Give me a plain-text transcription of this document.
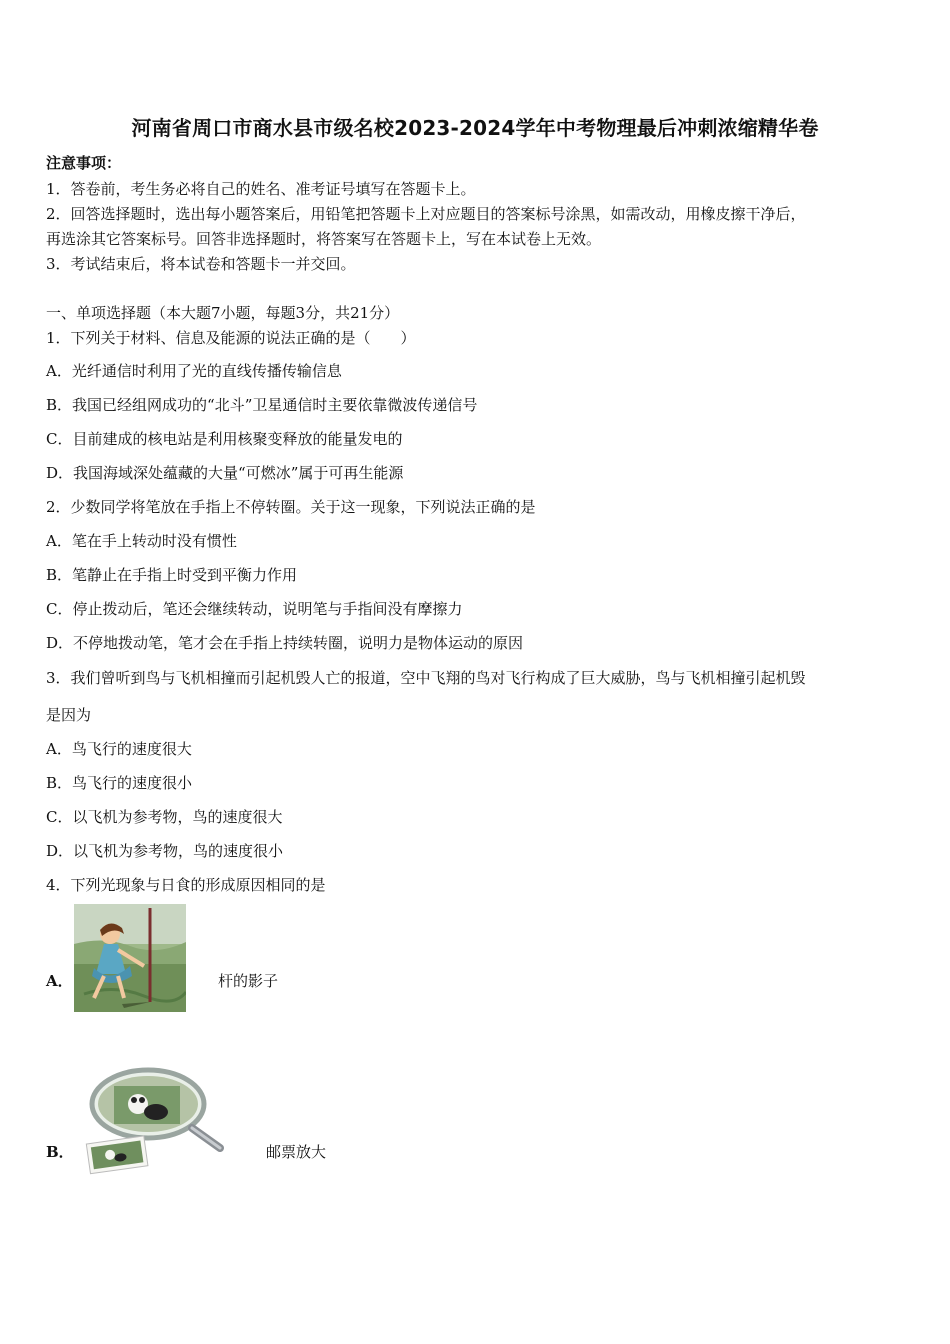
河南省周口市商水县市级名校2023-2024学年中考物理最后冲刺浓缩精华卷
注意事项：
1．答卷前，考生务必将自己的姓名、准考证号填写在答题卡上。
2．回答选择题时，选出每小题答案后，用铅笔把答题卡上对应题目的答案标号涂黑，如需改动，用橡皮擦干净后，
再选涂其它答案标号。回答非选择题时，将答案写在答题卡上，写在本试卷上无效。
3．考试结束后，将本试卷和答题卡一并交回。
一、单项选择题（本大题7小题，每题3分，共21分）
1．下列关于材料、信息及能源的说法正确的是（　　）
A．光纤通信时利用了光的直线传播传输信息
B．我国已经组网成功的“北斗”卫星通信时主要依靠微波传递信号
C．目前建成的核电站是利用核聚变释放的能量发电的
D．我国海域深处蕴藏的大量“可燃冰”属于可再生能源
2．少数同学将笔放在手指上不停转圈。关于这一现象，下列说法正确的是
A．笔在手上转动时没有惯性
B．笔静止在手指上时受到平衡力作用
C．停止拨动后，笔还会继续转动，说明笔与手指间没有摩擦力
D．不停地拨动笔，笔才会在手指上持续转圈，说明力是物体运动的原因
3．我们曾听到鸟与飞机相撞而引起机毁人亡的报道，空中飞翔的鸟对飞行构成了巨大威胁，鸟与飞机相撞引起机毁
是因为
A．鸟飞行的速度很大
B．鸟飞行的速度很小
C．以飞机为参考物，鸟的速度很大
D．以飞机为参考物，鸟的速度很小
4．下列光现象与日食的形成原因相同的是
A．	杆的影子
B．	邮票放大
